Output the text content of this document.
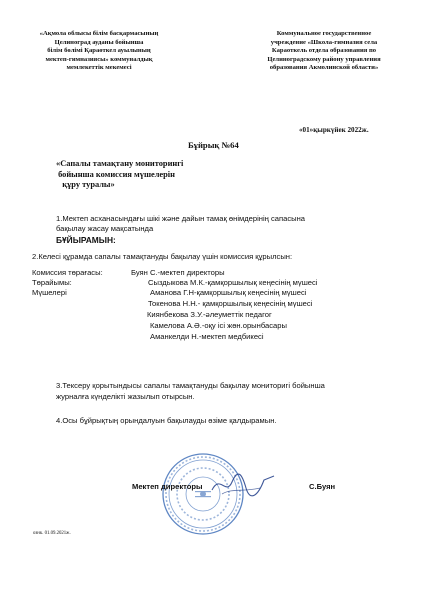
«Ақмола облысы білім басқармасының
Целиноград ауданы бойынша
білім бөлімі Қараөткел ауылының
мектеп-гимназиясы» коммуналдық
мемлекеттік мекемесі
Коммунальное государственное
учреждение «Школа-гимназия села
Караоткель отдела образования по
Целиноградскому району управления
образования Акмолинской области»
«01»қыркүйек 2022ж.
Бұйрық №64
«Сапалы тамақтану мониторингі
бойынша комиссия мүшелерін
құру туралы»
1.Мектеп асханасындағы шікі және дайын тамақ өнімдерінің сапасына
бақылау жасау мақсатында
БҰЙЫРАМЫН:
2.Келесі құрамда сапалы тамақтануды бақылау үшін комиссия құрылсын:
Комиссия төрағасы:	Буян С.-мектеп директоры
Төрайымы:	Сыздыкова М.К.-қамқоршылық кеңесінің мүшесі
Мүшелері	Аманова Г.Н-қамқоршылық кеңесінің мүшесі
Токенова Н.Н.- қамқоршылық кеңесінің мүшесі
Киянбекова З.У.-әлеуметтік педагог
Камелова А.Ә.-оқу ісі жөн.орынбасары
Аманкелди Н.-мектеп медбикесі
3.Тексеру қорытындысы сапалы тамақтануды бақылау мониторигі бойынша
журналға күнделікті жазылып отырсын.
4.Осы бұйрықтың орындалуын бақылауды өзіме қалдырамын.
Мектеп директоры	С.Буян
ознк. 01.09.2021ж.
